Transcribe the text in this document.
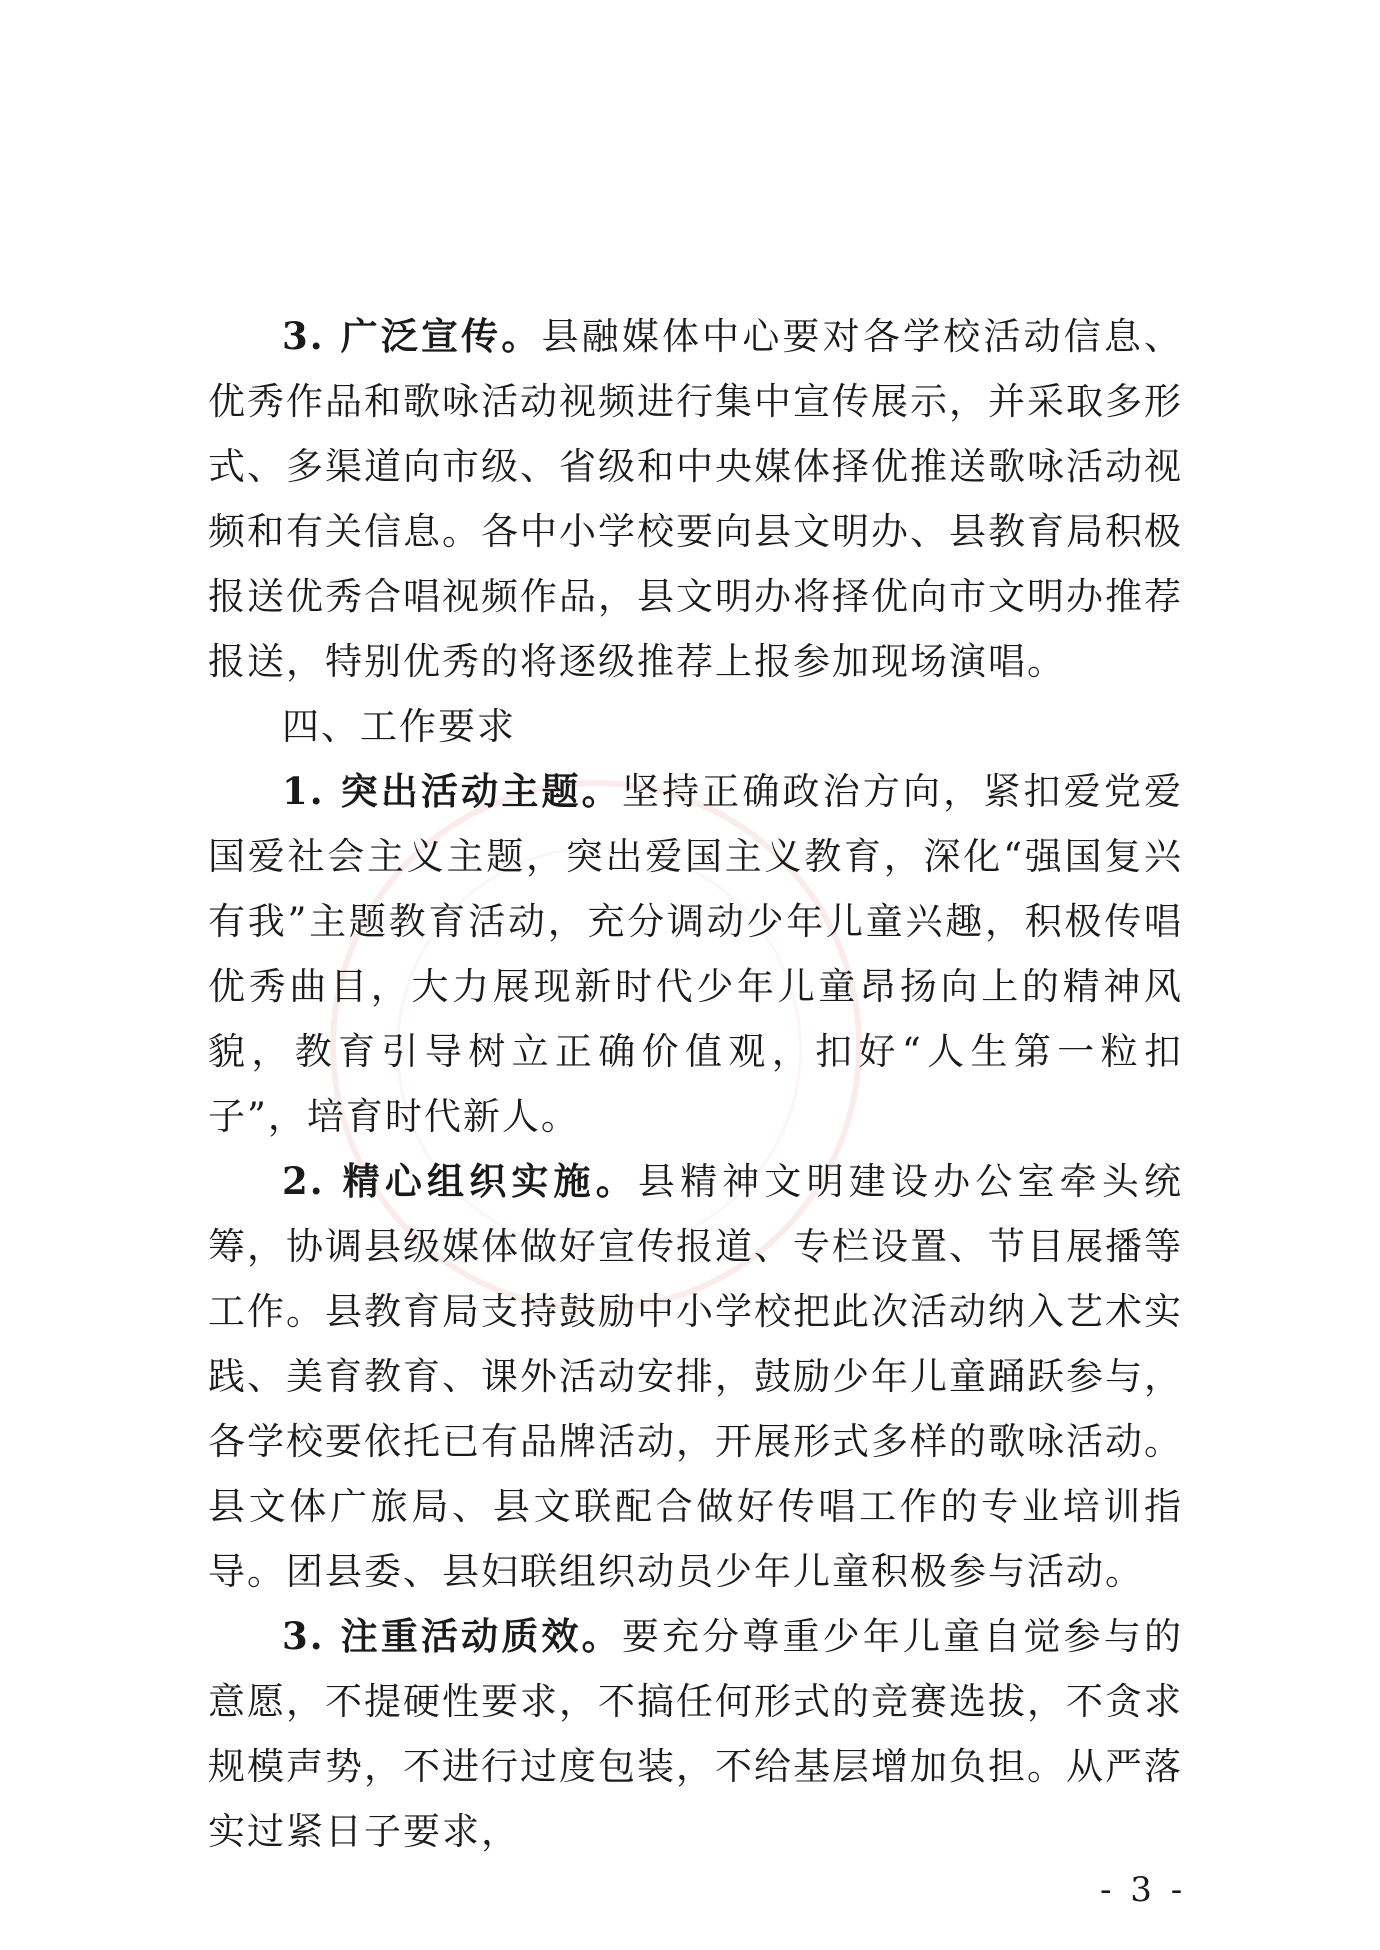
3. 广泛宣传。县融媒体中心要对各学校活动信息、优秀作品和歌咏活动视频进行集中宣传展示，并采取多形式、多渠道向市级、省级和中央媒体择优推送歌咏活动视频和有关信息。各中小学校要向县文明办、县教育局积极报送优秀合唱视频作品，县文明办将择优向市文明办推荐报送，特别优秀的将逐级推荐上报参加现场演唱。

四、工作要求

1. 突出活动主题。坚持正确政治方向，紧扣爱党爱国爱社会主义主题，突出爱国主义教育，深化“强国复兴有我”主题教育活动，充分调动少年儿童兴趣，积极传唱优秀曲目，大力展现新时代少年儿童昂扬向上的精神风貌，教育引导树立正确价值观，扣好“人生第一粒扣子”，培育时代新人。

2. 精心组织实施。县精神文明建设办公室牵头统筹，协调县级媒体做好宣传报道、专栏设置、节目展播等工作。县教育局支持鼓励中小学校把此次活动纳入艺术实践、美育教育、课外活动安排，鼓励少年儿童踊跃参与，各学校要依托已有品牌活动，开展形式多样的歌咏活动。县文体广旅局、县文联配合做好传唱工作的专业培训指导。团县委、县妇联组织动员少年儿童积极参与活动。

3. 注重活动质效。要充分尊重少年儿童自觉参与的意愿，不提硬性要求，不搞任何形式的竞赛选拔，不贪求规模声势，不进行过度包装，不给基层增加负担。从严落实过紧日子要求，

- 3 -
